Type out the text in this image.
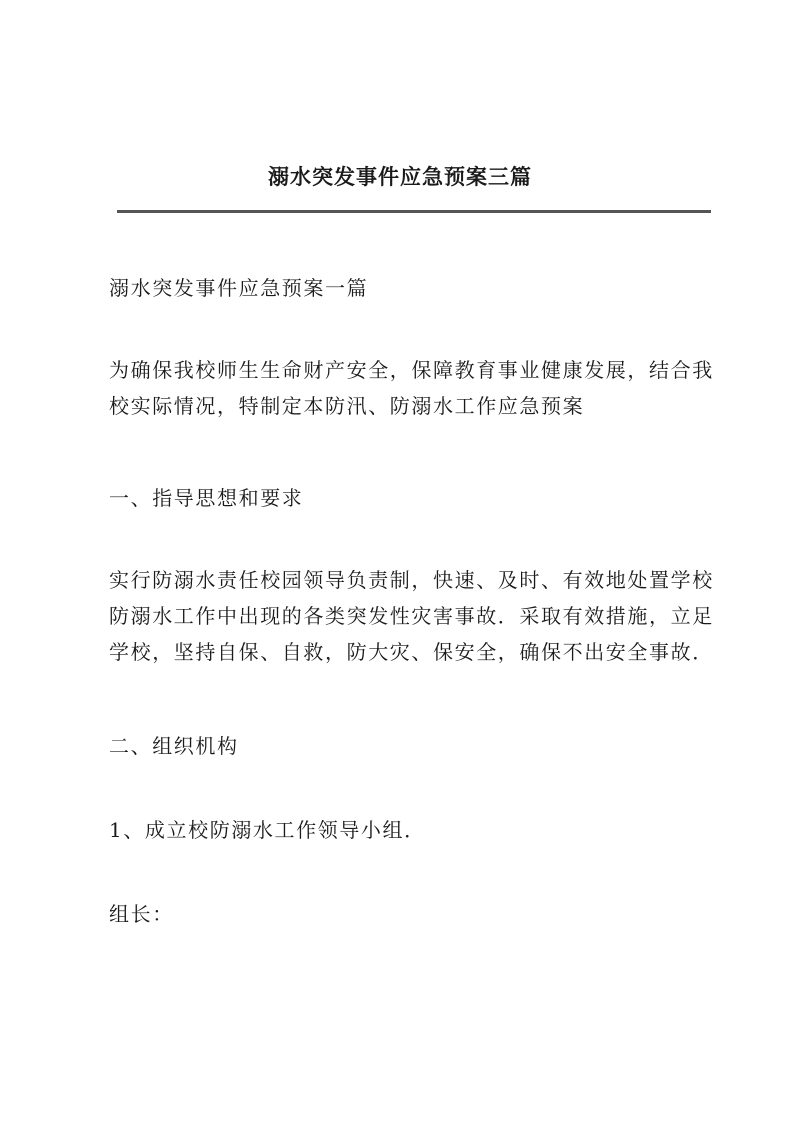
溺水突发事件应急预案三篇

溺水突发事件应急预案一篇

为确保我校师生生命财产安全，保障教育事业健康发展，结合我
校实际情况，特制定本防汛、防溺水工作应急预案

一、指导思想和要求

实行防溺水责任校园领导负责制，快速、及时、有效地处置学校
防溺水工作中出现的各类突发性灾害事故．采取有效措施，立足
学校，坚持自保、自救，防大灾、保安全，确保不出安全事故．

二、组织机构

1、成立校防溺水工作领导小组．

组长：
